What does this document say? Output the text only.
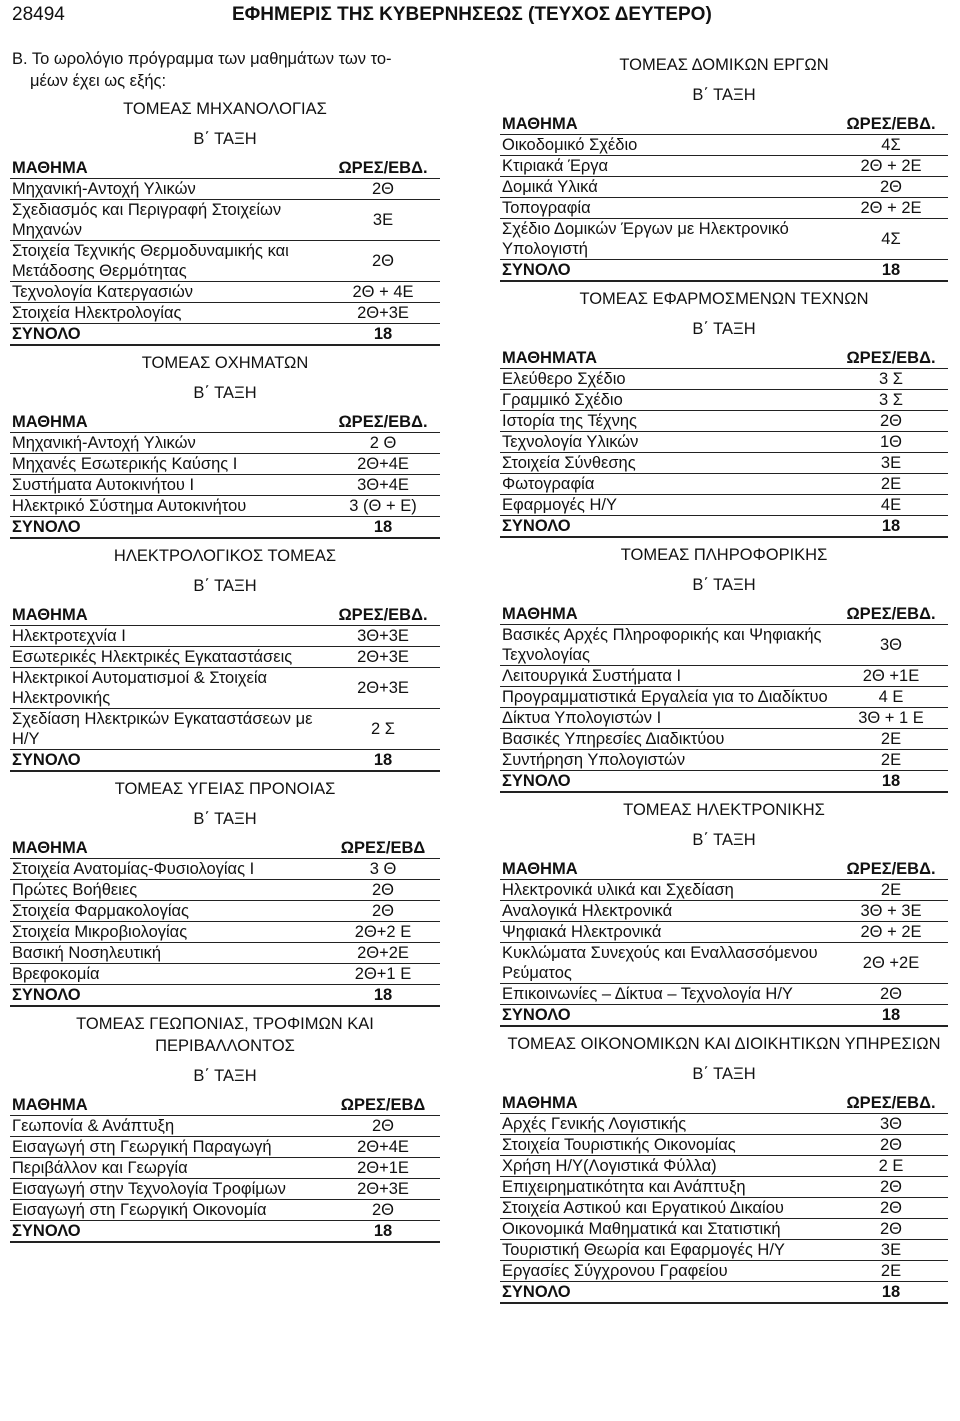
28494	ΕΦΗΜΕΡΙΣ ΤΗΣ ΚΥΒΕΡΝΗΣΕΩΣ (ΤΕΥΧΟΣ ΔΕΥΤΕΡΟ)
Β. Το ωρολόγιο πρόγραμμα των μαθημάτων των το-
μέων έχει ως εξής:
ΤΟΜΕΑΣ ΜΗΧΑΝΟΛΟΓΙΑΣ
Β΄ ΤΑΞΗ
ΜΑΘΗΜΑ	ΩΡΕΣ/ΕΒΔ.
Μηχανική-Αντοχή Υλικών	2Θ
Σχεδιασμός και Περιγραφή Στοιχείων Μηχανών	3Ε
Στοιχεία Τεχνικής Θερμοδυναμικής και Μετάδοσης Θερμότητας	2Θ
Τεχνολογία Κατεργασιών	2Θ + 4Ε
Στοιχεία Ηλεκτρολογίας	2Θ+3Ε
ΣΥΝΟΛΟ	18
ΤΟΜΕΑΣ ΟΧΗΜΑΤΩΝ
Β΄ ΤΑΞΗ
ΜΑΘΗΜΑ	ΩΡΕΣ/ΕΒΔ.
Μηχανική-Αντοχή Υλικών	2 Θ
Μηχανές Εσωτερικής Καύσης Ι	2Θ+4Ε
Συστήματα Αυτοκινήτου Ι	3Θ+4Ε
Ηλεκτρικό Σύστημα Αυτοκινήτου	3 (Θ + Ε)
ΣΥΝΟΛΟ	18
ΗΛΕΚΤΡΟΛΟΓΙΚΟΣ ΤΟΜΕΑΣ
Β΄ ΤΑΞΗ
ΜΑΘΗΜΑ	ΩΡΕΣ/ΕΒΔ.
Ηλεκτροτεχνία Ι	3Θ+3Ε
Εσωτερικές Ηλεκτρικές Εγκαταστάσεις	2Θ+3Ε
Ηλεκτρικοί Αυτοματισμοί & Στοιχεία Ηλεκτρονικής	2Θ+3Ε
Σχεδίαση Ηλεκτρικών Εγκαταστάσεων με Η/Υ	2 Σ
ΣΥΝΟΛΟ	18
ΤΟΜΕΑΣ ΥΓΕΙΑΣ ΠΡΟΝΟΙΑΣ
Β΄ ΤΑΞΗ
ΜΑΘΗΜΑ	ΩΡΕΣ/ΕΒΔ
Στοιχεία Ανατομίας-Φυσιολογίας Ι	3 Θ
Πρώτες Βοήθειες	2Θ
Στοιχεία Φαρμακολογίας	2Θ
Στοιχεία Μικροβιολογίας	2Θ+2 Ε
Βασική Νοσηλευτική	2Θ+2Ε
Βρεφοκομία	2Θ+1 Ε
ΣΥΝΟΛΟ	18
ΤΟΜΕΑΣ ΓΕΩΠΟΝΙΑΣ, ΤΡΟΦΙΜΩΝ ΚΑΙ ΠΕΡΙΒΑΛΛΟΝΤΟΣ
Β΄ ΤΑΞΗ
ΜΑΘΗΜΑ	ΩΡΕΣ/ΕΒΔ
Γεωπονία & Ανάπτυξη	2Θ
Εισαγωγή στη Γεωργική Παραγωγή	2Θ+4Ε
Περιβάλλον και Γεωργία	2Θ+1Ε
Εισαγωγή στην Τεχνολογία Τροφίμων	2Θ+3Ε
Εισαγωγή στη Γεωργική Οικονομία	2Θ
ΣΥΝΟΛΟ	18
ΤΟΜΕΑΣ ΔΟΜΙΚΩΝ ΕΡΓΩΝ
Β΄ ΤΑΞΗ
ΜΑΘΗΜΑ	ΩΡΕΣ/ΕΒΔ.
Οικοδομικό Σχέδιο	4Σ
Κτιριακά Έργα	2Θ + 2Ε
Δομικά Υλικά	2Θ
Τοπογραφία	2Θ + 2Ε
Σχέδιο Δομικών Έργων με Ηλεκτρονικό Υπολογιστή	4Σ
ΣΥΝΟΛΟ	18
ΤΟΜΕΑΣ ΕΦΑΡΜΟΣΜΕΝΩΝ ΤΕΧΝΩΝ
Β΄ ΤΑΞΗ
ΜΑΘΗΜΑΤΑ	ΩΡΕΣ/ΕΒΔ.
Ελεύθερο Σχέδιο	3 Σ
Γραμμικό Σχέδιο	3 Σ
Ιστορία της Τέχνης	2Θ
Τεχνολογία Υλικών	1Θ
Στοιχεία Σύνθεσης	3Ε
Φωτογραφία	2Ε
Εφαρμογές Η/Υ	4Ε
ΣΥΝΟΛΟ	18
ΤΟΜΕΑΣ ΠΛΗΡΟΦΟΡΙΚΗΣ
Β΄ ΤΑΞΗ
ΜΑΘΗΜΑ	ΩΡΕΣ/ΕΒΔ.
Βασικές Αρχές Πληροφορικής και Ψηφιακής Τεχνολογίας	3Θ
Λειτουργικά Συστήματα Ι	2Θ +1Ε
Προγραμματιστικά Εργαλεία για το Διαδίκτυο	4 Ε
Δίκτυα Υπολογιστών Ι	3Θ + 1 Ε
Βασικές Υπηρεσίες Διαδικτύου	2Ε
Συντήρηση Υπολογιστών	2Ε
ΣΥΝΟΛΟ	18
ΤΟΜΕΑΣ ΗΛΕΚΤΡΟΝΙΚΗΣ
Β΄ ΤΑΞΗ
ΜΑΘΗΜΑ	ΩΡΕΣ/ΕΒΔ.
Ηλεκτρονικά υλικά και Σχεδίαση	2Ε
Αναλογικά Ηλεκτρονικά	3Θ + 3Ε
Ψηφιακά Ηλεκτρονικά	2Θ + 2Ε
Κυκλώματα Συνεχούς και Εναλλασσόμενου Ρεύματος	2Θ +2Ε
Επικοινωνίες – Δίκτυα – Τεχνολογία Η/Υ	2Θ
ΣΥΝΟΛΟ	18
ΤΟΜΕΑΣ ΟΙΚΟΝΟΜΙΚΩΝ ΚΑΙ ΔΙΟΙΚΗΤΙΚΩΝ ΥΠΗΡΕΣΙΩΝ
Β΄ ΤΑΞΗ
ΜΑΘΗΜΑ	ΩΡΕΣ/ΕΒΔ.
Αρχές Γενικής Λογιστικής	3Θ
Στοιχεία Τουριστικής Οικονομίας	2Θ
Χρήση Η/Υ(Λογιστικά Φύλλα)	2 Ε
Επιχειρηματικότητα και Ανάπτυξη	2Θ
Στοιχεία Αστικού και Εργατικού Δικαίου	2Θ
Οικονομικά Μαθηματικά και Στατιστική	2Θ
Τουριστική Θεωρία και Εφαρμογές Η/Υ	3Ε
Εργασίες Σύγχρονου Γραφείου	2Ε
ΣΥΝΟΛΟ	18
